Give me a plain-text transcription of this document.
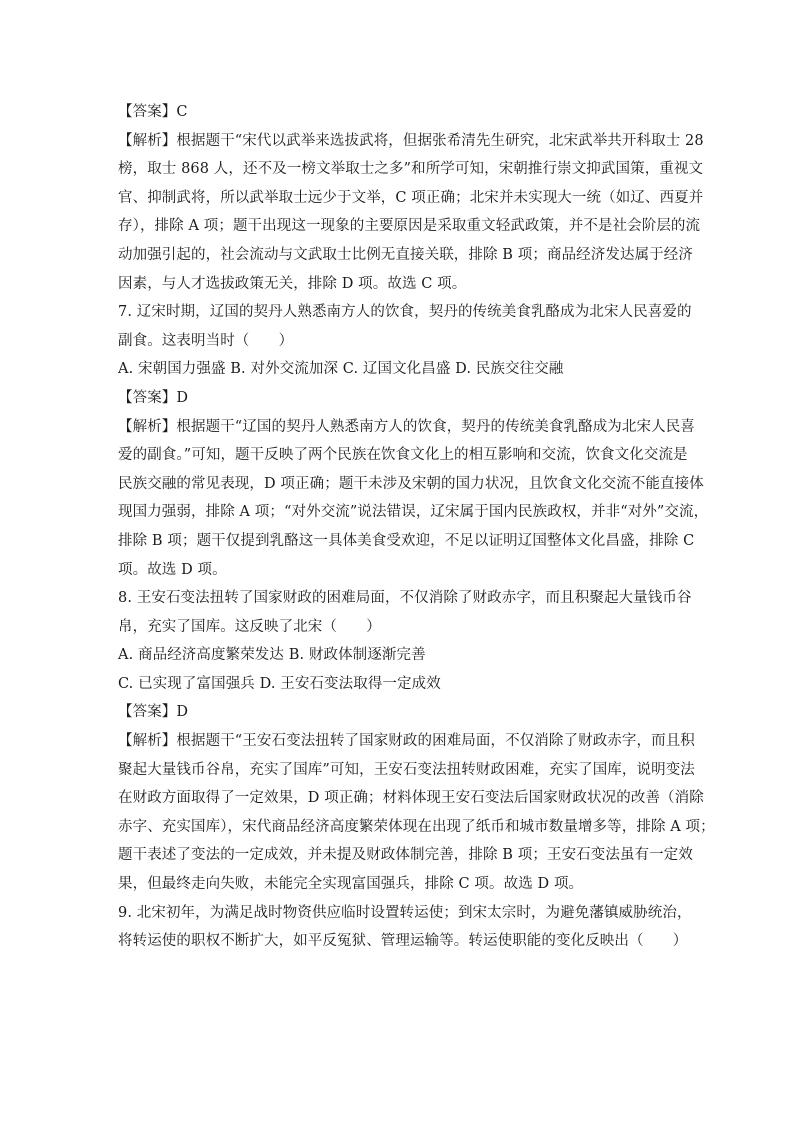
【答案】C
【解析】根据题干“宋代以武举来选拔武将，但据张希清先生研究，北宋武举共开科取士 28
榜，取士 868 人，还不及一榜文举取士之多”和所学可知，宋朝推行崇文抑武国策，重视文
官、抑制武将，所以武举取士远少于文举，C 项正确；北宋并未实现大一统（如辽、西夏并
存），排除 A 项；题干出现这一现象的主要原因是采取重文轻武政策，并不是社会阶层的流
动加强引起的，社会流动与文武取士比例无直接关联，排除 B 项；商品经济发达属于经济
因素，与人才选拔政策无关，排除 D 项。故选 C 项。
7. 辽宋时期，辽国的契丹人熟悉南方人的饮食，契丹的传统美食乳酪成为北宋人民喜爱的
副食。这表明当时（　　）
A. 宋朝国力强盛 B. 对外交流加深 C. 辽国文化昌盛 D. 民族交往交融
【答案】D
【解析】根据题干“辽国的契丹人熟悉南方人的饮食，契丹的传统美食乳酪成为北宋人民喜
爱的副食。”可知，题干反映了两个民族在饮食文化上的相互影响和交流，饮食文化交流是
民族交融的常见表现，D 项正确；题干未涉及宋朝的国力状况，且饮食文化交流不能直接体
现国力强弱，排除 A 项；“对外交流”说法错误，辽宋属于国内民族政权，并非“对外”交流，
排除 B 项；题干仅提到乳酪这一具体美食受欢迎，不足以证明辽国整体文化昌盛，排除 C
项。故选 D 项。
8. 王安石变法扭转了国家财政的困难局面，不仅消除了财政赤字，而且积聚起大量钱币谷
帛，充实了国库。这反映了北宋（　　）
A. 商品经济高度繁荣发达 B. 财政体制逐渐完善
C. 已实现了富国强兵 D. 王安石变法取得一定成效
【答案】D
【解析】根据题干“王安石变法扭转了国家财政的困难局面，不仅消除了财政赤字，而且积
聚起大量钱币谷帛，充实了国库”可知，王安石变法扭转财政困难，充实了国库，说明变法
在财政方面取得了一定效果，D 项正确；材料体现王安石变法后国家财政状况的改善（消除
赤字、充实国库），宋代商品经济高度繁荣体现在出现了纸币和城市数量增多等，排除 A 项；
题干表述了变法的一定成效，并未提及财政体制完善，排除 B 项；王安石变法虽有一定效
果，但最终走向失败，未能完全实现富国强兵，排除 C 项。故选 D 项。
9. 北宋初年，为满足战时物资供应临时设置转运使；到宋太宗时，为避免藩镇威胁统治，
将转运使的职权不断扩大，如平反冤狱、管理运输等。转运使职能的变化反映出（　　）
